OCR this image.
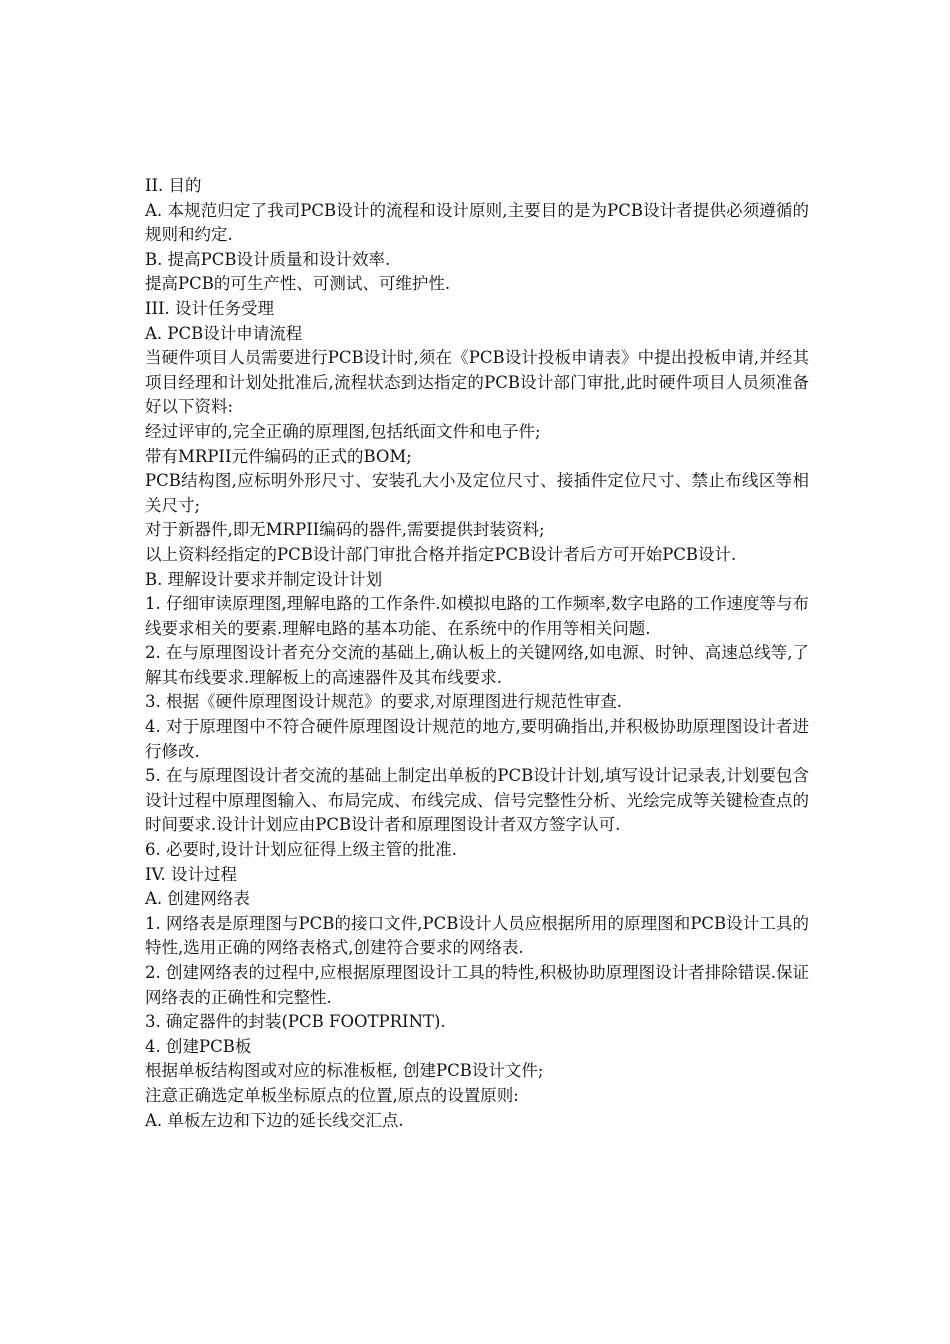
II. 目的

A. 本规范归定了我司PCB设计的流程和设计原则,主要目的是为PCB设计者提供必须遵循的规则和约定.

B. 提高PCB设计质量和设计效率.

提高PCB的可生产性、可测试、可维护性.

III. 设计任务受理

A. PCB设计申请流程

当硬件项目人员需要进行PCB设计时,须在《PCB设计投板申请表》中提出投板申请,并经其项目经理和计划处批准后,流程状态到达指定的PCB设计部门审批,此时硬件项目人员须准备好以下资料:

经过评审的,完全正确的原理图,包括纸面文件和电子件;

带有MRPII元件编码的正式的BOM;

PCB结构图,应标明外形尺寸、安装孔大小及定位尺寸、接插件定位尺寸、禁止布线区等相关尺寸;

对于新器件,即无MRPII编码的器件,需要提供封装资料;

以上资料经指定的PCB设计部门审批合格并指定PCB设计者后方可开始PCB设计.

B. 理解设计要求并制定设计计划

1. 仔细审读原理图,理解电路的工作条件.如模拟电路的工作频率,数字电路的工作速度等与布线要求相关的要素.理解电路的基本功能、在系统中的作用等相关问题.

2. 在与原理图设计者充分交流的基础上,确认板上的关键网络,如电源、时钟、高速总线等,了解其布线要求.理解板上的高速器件及其布线要求.

3. 根据《硬件原理图设计规范》的要求,对原理图进行规范性审查.

4. 对于原理图中不符合硬件原理图设计规范的地方,要明确指出,并积极协助原理图设计者进行修改.

5. 在与原理图设计者交流的基础上制定出单板的PCB设计计划,填写设计记录表,计划要包含设计过程中原理图输入、布局完成、布线完成、信号完整性分析、光绘完成等关键检查点的时间要求.设计计划应由PCB设计者和原理图设计者双方签字认可.

6. 必要时,设计计划应征得上级主管的批准.

IV. 设计过程

A. 创建网络表

1. 网络表是原理图与PCB的接口文件,PCB设计人员应根据所用的原理图和PCB设计工具的特性,选用正确的网络表格式,创建符合要求的网络表.

2. 创建网络表的过程中,应根据原理图设计工具的特性,积极协助原理图设计者排除错误.保证网络表的正确性和完整性.

3. 确定器件的封装(PCB FOOTPRINT).

4. 创建PCB板

根据单板结构图或对应的标准板框, 创建PCB设计文件;

注意正确选定单板坐标原点的位置,原点的设置原则:

A. 单板左边和下边的延长线交汇点.
